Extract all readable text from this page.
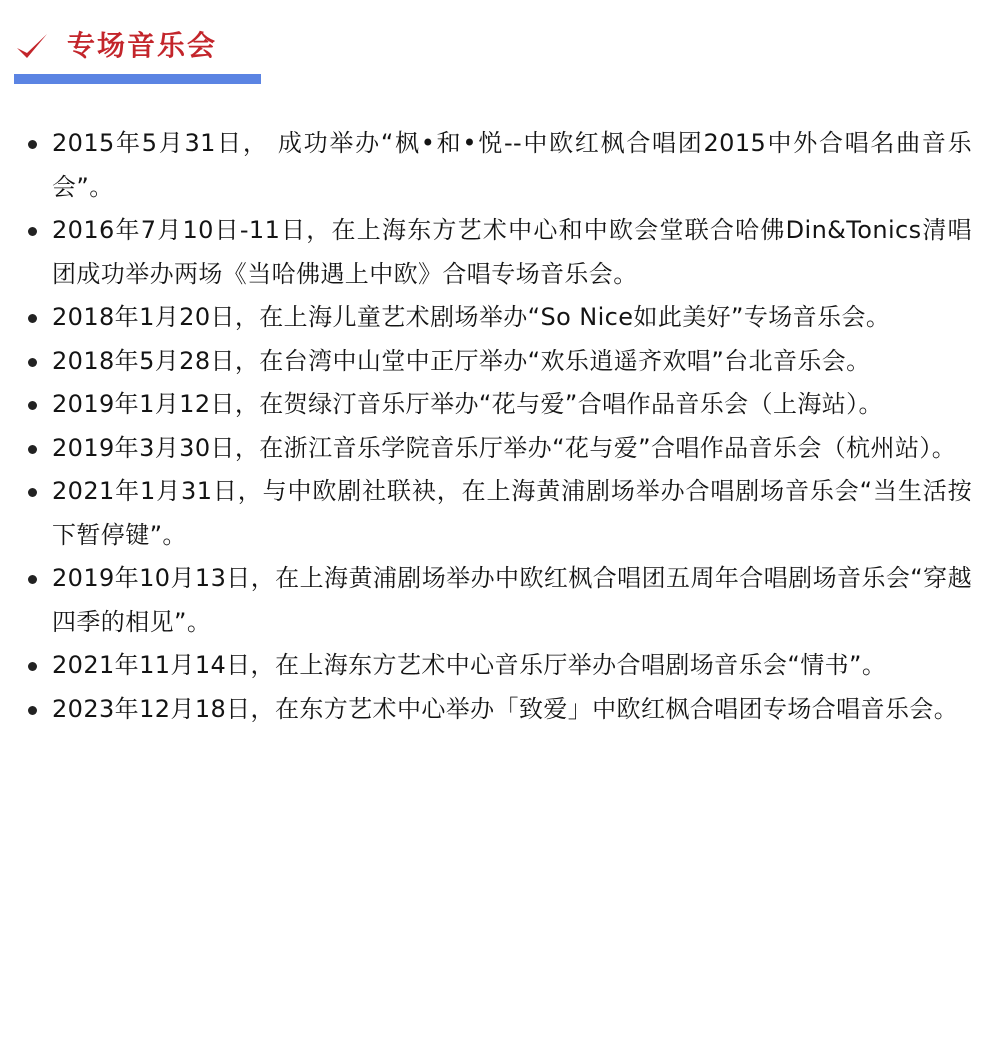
专场音乐会
2015年5月31日， 成功举办“枫•和•悦--中欧红枫合唱团2015中外合唱名曲音乐会”。
2016年7月10日-11日，在上海东方艺术中心和中欧会堂联合哈佛Din&Tonics清唱团成功举办两场《当哈佛遇上中欧》合唱专场音乐会。
2018年1月20日，在上海儿童艺术剧场举办“So Nice如此美好”专场音乐会。
2018年5月28日，在台湾中山堂中正厅举办“欢乐逍遥齐欢唱”台北音乐会。
2019年1月12日，在贺绿汀音乐厅举办“花与爱”合唱作品音乐会（上海站）。
2019年3月30日，在浙江音乐学院音乐厅举办“花与爱”合唱作品音乐会（杭州站）。
2021年1月31日，与中欧剧社联袂，在上海黄浦剧场举办合唱剧场音乐会“当生活按下暂停键”。
2019年10月13日，在上海黄浦剧场举办中欧红枫合唱团五周年合唱剧场音乐会“穿越四季的相见”。
2021年11月14日，在上海东方艺术中心音乐厅举办合唱剧场音乐会“情书”。
2023年12月18日，在东方艺术中心举办「致爱」中欧红枫合唱团专场合唱音乐会。
